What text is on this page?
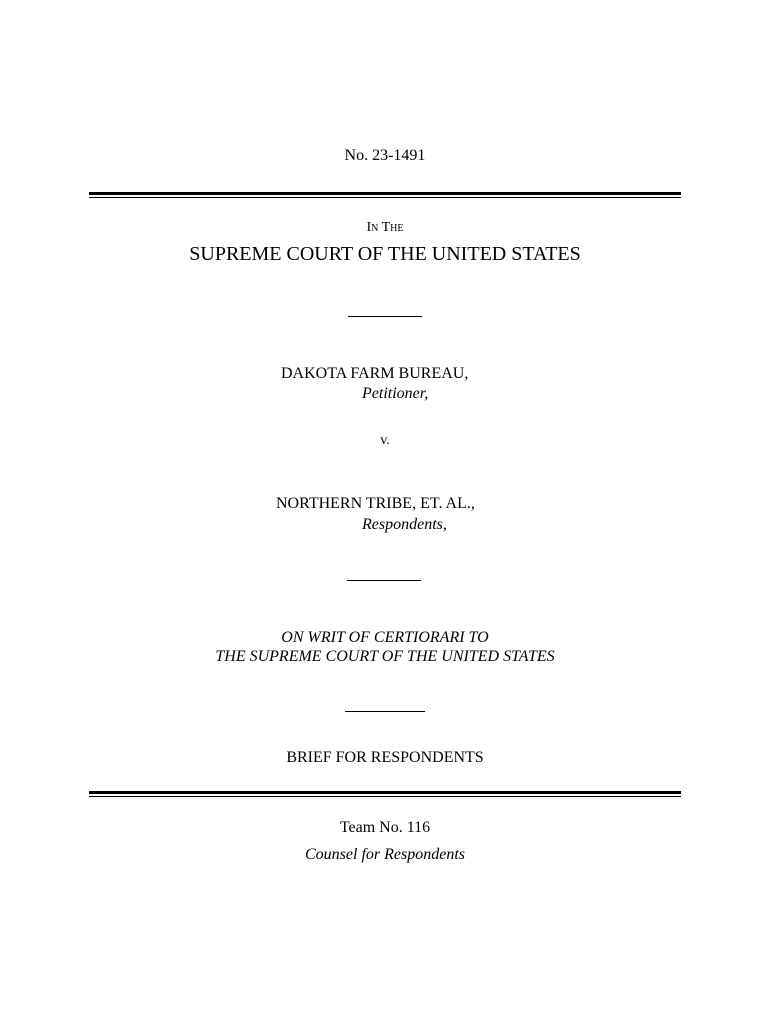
No. 23-1491
In The
SUPREME COURT OF THE UNITED STATES
DAKOTA FARM BUREAU,
Petitioner,
v.
NORTHERN TRIBE, ET. AL.,
Respondents,
ON WRIT OF CERTIORARI TO
THE SUPREME COURT OF THE UNITED STATES
BRIEF FOR RESPONDENTS
Team No. 116
Counsel for Respondents
